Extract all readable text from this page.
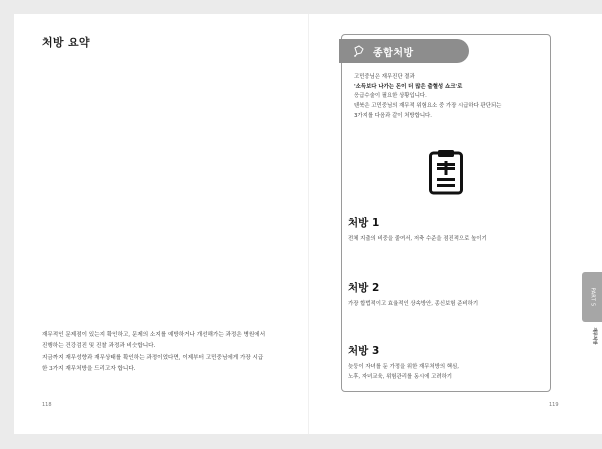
처방 요약

재무적인 문제점이 있는지 확인하고, 문제의 소지를 예방하거나 개선해가는 과정은 병원에서 진행하는 건강검진 및 진찰 과정과 비슷합니다.

지금까지 재무성향과 재무상태를 확인하는 과정이었다면, 이제부터 고민중님에게 가장 시급한 3가지 재무처방을 드리고자 합니다.

118
종합처방
고민중님은 재무진단 결과
'소득보다 나가는 돈이 더 많은 출혈성 쇼크'로
응급수술이 필요한 상황입니다.
텐북은 고민중님의 재무적 위험요소 중 가장 시급하다 판단되는
3가지를 다음과 같이 처방합니다.
처방 1
전체 지출의 비중을 줄여서, 저축 수준을 점진적으로 높이기
처방 2
가장 합법적이고 효율적인 상속방안, 종신보험 준비하기
처방 3
늦둥이 자녀를 둔 가정을 위한 재무처방의 핵심,
노후, 자녀교육, 위험관리를 동시에 고려하기
PART 5
재무처방
119
